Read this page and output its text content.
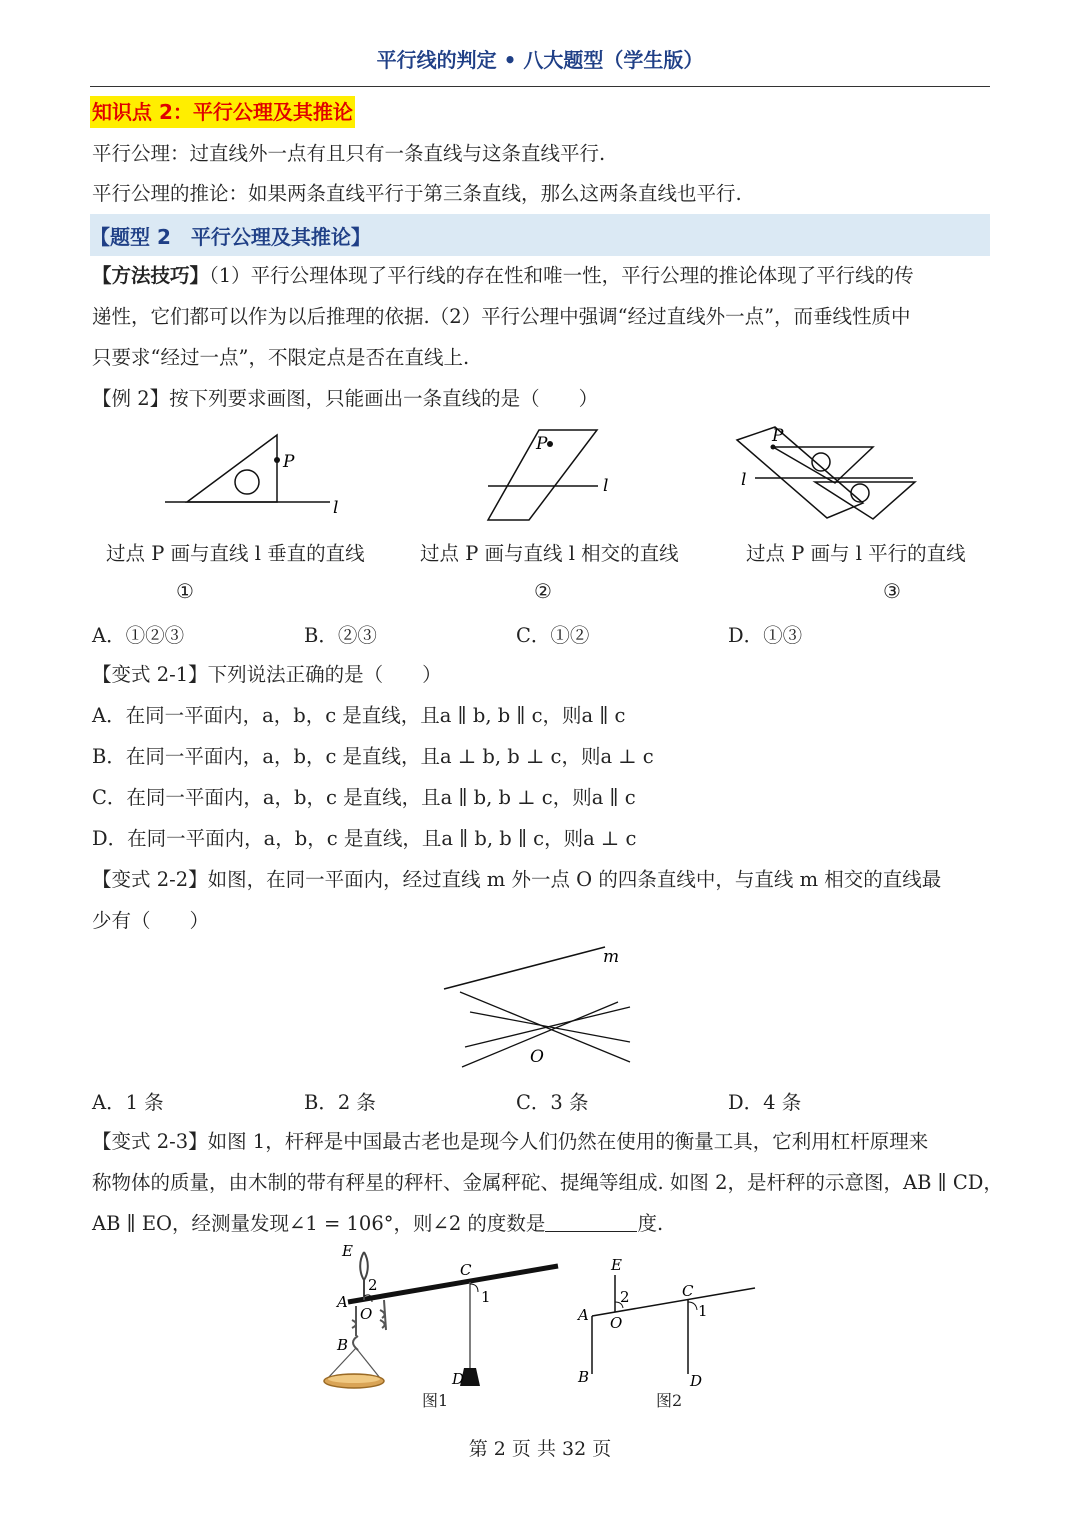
平行线的判定 • 八大题型（学生版）
知识点 2：平行公理及其推论
平行公理：过直线外一点有且只有一条直线与这条直线平行.
平行公理的推论：如果两条直线平行于第三条直线，那么这两条直线也平行.
【题型 2　平行公理及其推论】
【方法技巧】（1）平行公理体现了平行线的存在性和唯一性，平行公理的推论体现了平行线的传
递性，它们都可以作为以后推理的依据.（2）平行公理中强调“经过直线外一点”，而垂线性质中
只要求“经过一点”，不限定点是否在直线上.
【例 2】按下列要求画图，只能画出一条直线的是（　　）
P
l
P
l
P
l
过点 P 画与直线 l 垂直的直线	过点 P 画与直线 l 相交的直线	过点 P 画与 l 平行的直线
①	②	③
A．①②③	B．②③	C．①②	D．①③
【变式 2-1】下列说法正确的是（　　）
A．在同一平面内，a，b，c 是直线，且a ∥ b, b ∥ c，则a ∥ c
B．在同一平面内，a，b，c 是直线，且a ⊥ b, b ⊥ c，则a ⊥ c
C．在同一平面内，a，b，c 是直线，且a ∥ b, b ⊥ c，则a ∥ c
D．在同一平面内，a，b，c 是直线，且a ∥ b, b ∥ c，则a ⊥ c
【变式 2-2】如图，在同一平面内，经过直线 m 外一点 O 的四条直线中，与直线 m 相交的直线最
少有（　　）
m
O
A．1 条	B．2 条	C．3 条	D．4 条
【变式 2-3】如图 1，杆秤是中国最古老也是现今人们仍然在使用的衡量工具，它利用杠杆原理来
称物体的质量，由木制的带有秤星的秤杆、金属秤砣、提绳等组成. 如图 2，是杆秤的示意图，AB ∥ CD，
AB ∥ EO，经测量发现∠1 = 106°，则∠2 的度数是	度.
E
2
A
O
B
C
1
D
图1
E
2
A O
B
C
1
D
图2
第 2 页 共 32 页
